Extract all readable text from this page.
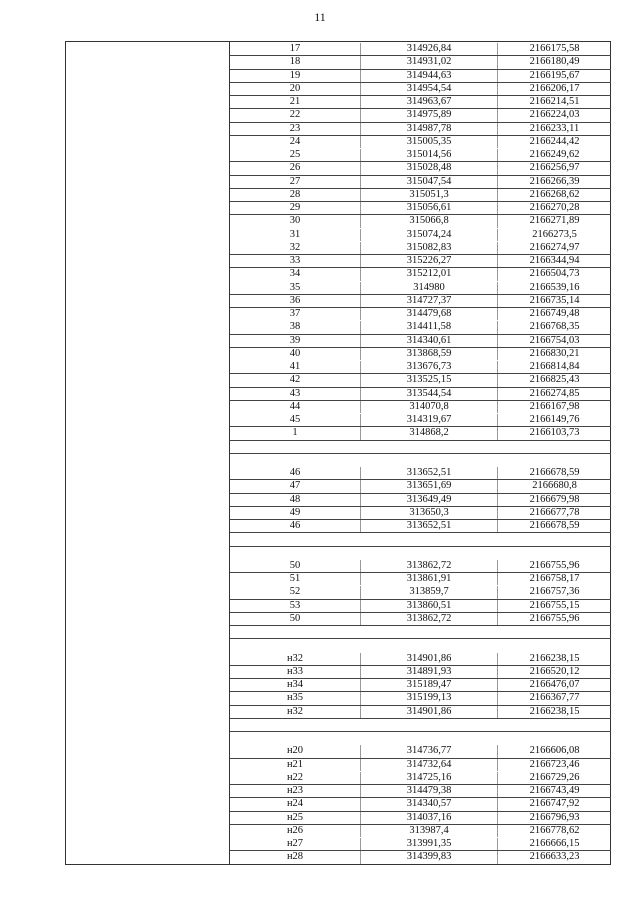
11
17	314926,84	2166175,58
18	314931,02	2166180,49
19	314944,63	2166195,67
20	314954,54	2166206,17
21	314963,67	2166214,51
22	314975,89	2166224,03
23	314987,78	2166233,11
24	315005,35	2166244,42
25	315014,56	2166249,62
26	315028,48	2166256,97
27	315047,54	2166266,39
28	315051,3	2166268,62
29	315056,61	2166270,28
30	315066,8	2166271,89
31	315074,24	2166273,5
32	315082,83	2166274,97
33	315226,27	2166344,94
34	315212,01	2166504,73
35	314980	2166539,16
36	314727,37	2166735,14
37	314479,68	2166749,48
38	314411,58	2166768,35
39	314340,61	2166754,03
40	313868,59	2166830,21
41	313676,73	2166814,84
42	313525,15	2166825,43
43	313544,54	2166274,85
44	314070,8	2166167,98
45	314319,67	2166149,76
1	314868,2	2166103,73
46	313652,51	2166678,59
47	313651,69	2166680,8
48	313649,49	2166679,98
49	313650,3	2166677,78
46	313652,51	2166678,59
50	313862,72	2166755,96
51	313861,91	2166758,17
52	313859,7	2166757,36
53	313860,51	2166755,15
50	313862,72	2166755,96
н32	314901,86	2166238,15
н33	314891,93	2166520,12
н34	315189,47	2166476,07
н35	315199,13	2166367,77
н32	314901,86	2166238,15
н20	314736,77	2166606,08
н21	314732,64	2166723,46
н22	314725,16	2166729,26
н23	314479,38	2166743,49
н24	314340,57	2166747,92
н25	314037,16	2166796,93
н26	313987,4	2166778,62
н27	313991,35	2166666,15
н28	314399,83	2166633,23
